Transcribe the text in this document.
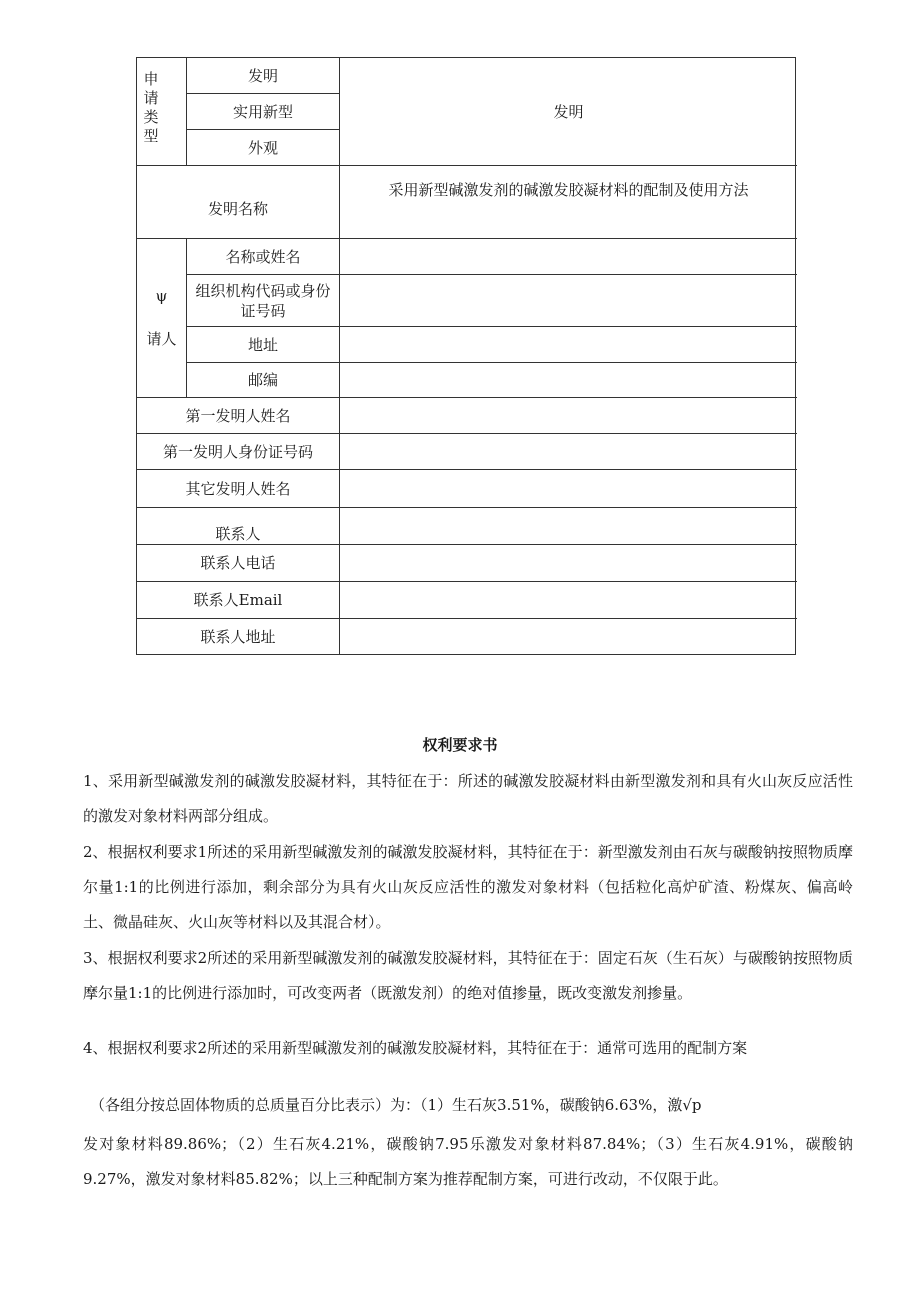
申请类型
发明
实用新型
外观
发明
发明名称
采用新型碱激发剂的碱激发胶凝材料的配制及使用方法
ψ
请人
名称或姓名
组织机构代码或身份证号码
地址
邮编
第一发明人姓名
第一发明人身份证号码
其它发明人姓名
联系人
联系人电话
联系人Email
联系人地址
权利要求书
1、采用新型碱激发剂的碱激发胶凝材料，其特征在于：所述的碱激发胶凝材料由新型激发剂和具有火山灰反应活性的激发对象材料两部分组成。
2、根据权利要求1所述的采用新型碱激发剂的碱激发胶凝材料，其特征在于：新型激发剂由石灰与碳酸钠按照物质摩尔量1:1的比例进行添加，剩余部分为具有火山灰反应活性的激发对象材料（包括粒化高炉矿渣、粉煤灰、偏高岭土、微晶硅灰、火山灰等材料以及其混合材）。
3、根据权利要求2所述的采用新型碱激发剂的碱激发胶凝材料，其特征在于：固定石灰（生石灰）与碳酸钠按照物质摩尔量1:1的比例进行添加时，可改变两者（既激发剂）的绝对值掺量，既改变激发剂掺量。
4、根据权利要求2所述的采用新型碱激发剂的碱激发胶凝材料，其特征在于：通常可选用的配制方案
（各组分按总固体物质的总质量百分比表示）为：（1）生石灰3.51%，碳酸钠6.63%，激√p
发对象材料89.86%；（2）生石灰4.21%，碳酸钠7.95乐激发对象材料87.84%；（3）生石灰4.91%，碳酸钠9.27%，激发对象材料85.82%；以上三种配制方案为推荐配制方案，可进行改动，不仅限于此。
